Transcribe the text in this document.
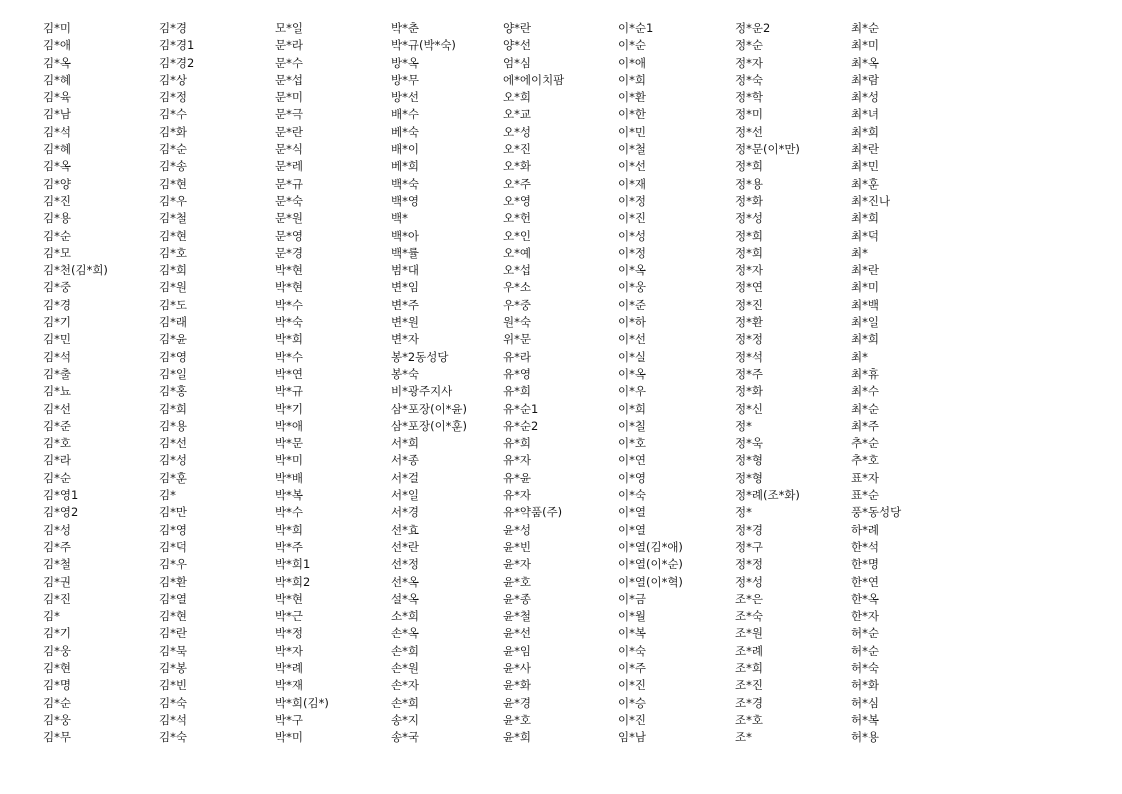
김*미
김*애
김*옥
김*혜
김*육
김*남
김*석
김*혜
김*옥
김*양
김*진
김*용
김*순
김*모
김*천(김*희)
김*중
김*경
김*기
김*민
김*석
김*출
김*뇨
김*선
김*준
김*호
김*라
김*순
김*영1
김*영2
김*성
김*주
김*철
김*권
김*진
김*
김*기
김*웅
김*현
김*명
김*순
김*웅
김*무
김*경
김*경1
김*경2
김*상
김*정
김*수
김*화
김*순
김*송
김*현
김*우
김*철
김*현
김*호
김*희
김*원
김*도
김*래
김*윤
김*영
김*일
김*홍
김*희
김*용
김*선
김*성
김*훈
김*
김*만
김*영
김*덕
김*우
김*환
김*열
김*현
김*란
김*묵
김*봉
김*빈
김*숙
김*석
김*숙
모*일
문*라
문*수
문*섭
문*미
문*극
문*란
문*식
문*레
문*규
문*숙
문*원
문*영
문*경
박*현
박*현
박*수
박*숙
박*희
박*수
박*연
박*규
박*기
박*애
박*문
박*미
박*배
박*복
박*수
박*희
박*주
박*희1
박*희2
박*현
박*근
박*정
박*자
박*례
박*재
박*희(김*)
박*구
박*미
박*춘
박*규(박*숙)
방*옥
방*무
방*선
배*수
베*숙
배*이
베*희
백*숙
백*영
백*
백*아
백*률
범*대
변*임
변*주
변*원
변*자
봉*2동성당
봉*숙
비*광주지사
삼*포장(이*윤)
삼*포장(이*훈)
서*희
서*종
서*걸
서*일
서*경
선*효
선*란
선*정
선*옥
설*옥
소*희
손*옥
손*희
손*원
손*자
손*희
송*지
송*국
양*란
양*선
엄*심
에*에이치팜
오*희
오*교
오*성
오*진
오*화
오*주
오*영
오*헌
오*인
오*예
오*섭
우*소
우*중
원*숙
위*문
유*라
유*영
유*희
유*순1
유*순2
유*희
유*자
유*윤
유*자
유*약품(주)
윤*성
윤*빈
윤*자
윤*호
윤*종
윤*철
윤*선
윤*임
윤*사
윤*화
윤*경
윤*호
윤*희
이*순1
이*순
이*애
이*희
이*환
이*한
이*민
이*철
이*선
이*재
이*정
이*진
이*성
이*정
이*옥
이*웅
이*준
이*하
이*선
이*실
이*옥
이*우
이*희
이*칠
이*호
이*연
이*영
이*숙
이*열
이*열
이*열(김*애)
이*열(이*순)
이*열(이*혁)
이*금
이*월
이*복
이*숙
이*주
이*진
이*승
이*진
임*남
정*운2
정*순
정*자
정*숙
정*학
정*미
정*선
정*문(이*만)
정*희
정*용
정*화
정*성
정*희
정*희
정*자
정*연
정*진
정*환
정*정
정*석
정*주
정*화
정*신
정*
정*욱
정*형
정*형
정*례(조*화)
정*
정*경
정*구
정*정
정*성
조*은
조*숙
조*원
조*례
조*희
조*진
조*경
조*호
조*
최*순
최*미
최*옥
최*람
최*성
최*녀
최*희
최*란
최*민
최*훈
최*진나
최*희
최*덕
최*
최*란
최*미
최*백
최*일
최*희
최*
최*휴
최*수
최*순
최*주
추*순
추*호
표*자
표*순
풍*동성당
하*례
한*석
한*명
한*연
한*옥
한*자
허*순
허*순
허*숙
허*화
허*심
허*복
허*용
